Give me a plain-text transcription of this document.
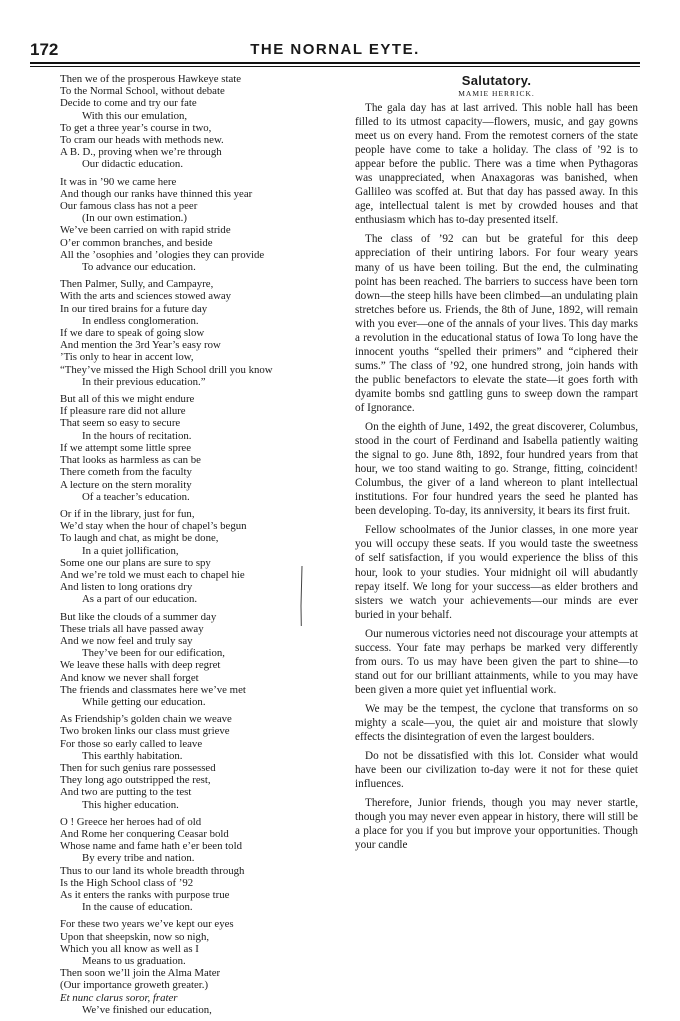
172	THE NORNAL EYTE.
Then we of the prosperous Hawkeye state
To the Normal School, without debate
Decide to come and try our fate
With this our emulation,
To get a three year’s course in two,
To cram our heads with methods new.
A B. D., proving when we’re through
Our didactic education.
It was in ’90 we came here
And though our ranks have thinned this year
Our famous class has not a peer
(In our own estimation.)
We’ve been carried on with rapid stride
O’er common branches, and beside
All the ’osophies and ’ologies they can provide
To advance our education.
Then Palmer, Sully, and Campayre,
With the arts and sciences stowed away
In our tired brains for a future day
In endless conglomeration.
If we dare to speak of going slow
And mention the 3rd Year’s easy row
’Tis only to hear in accent low,
“They’ve missed the High School drill you know
In their previous education.”
But all of this we might endure
If pleasure rare did not allure
That seem so easy to secure
In the hours of recitation.
If we attempt some little spree
That looks as harmless as can be
There cometh from the faculty
A lecture on the stern morality
Of a teacher’s education.
Or if in the library, just for fun,
We’d stay when the hour of chapel’s begun
To laugh and chat, as might be done,
In a quiet jollification,
Some one our plans are sure to spy
And we’re told we must each to chapel hie
And listen to long orations dry
As a part of our education.
But like the clouds of a summer day
These trials all have passed away
And we now feel and truly say
They’ve been for our edification,
We leave these halls with deep regret
And know we never shall forget
The friends and classmates here we’ve met
While getting our education.
As Friendship’s golden chain we weave
Two broken links our class must grieve
For those so early called to leave
This earthly habitation.
Then for such genius rare possessed
They long ago outstripped the rest,
And two are putting to the test
This higher education.
O ! Greece her heroes had of old
And Rome her conquering Ceasar bold
Whose name and fame hath e’er been told
By every tribe and nation.
Thus to our land its whole breadth through
Is the High School class of ’92
As it enters the ranks with purpose true
In the cause of education.
For these two years we’ve kept our eyes
Upon that sheepskin, now so nigh,
Which you all know as well as I
Means to us graduation.
Then soon we’ll join the Alma Mater
(Our importance groweth greater.)
Et nunc clarus soror, frater
We’ve finished our education,
Salutatory.
MAMIE HERRICK.

The gala day has at last arrived. This noble hall has been filled to its utmost capacity—flowers, music, and gay gowns meet us on every hand. From the remotest corners of the state people have come to take a holiday. The class of ’92 is to appear before the public. There was a time when Pythagoras was unappreciated, when Anaxagoras was banished, when Gallileo was scoffed at. But that day has passed away. In this age, intellectual talent is met by crowded houses and that enthusiasm which has to-day presented itself.

The class of ’92 can but be grateful for this deep appreciation of their untiring labors. For four weary years many of us have been toiling. But the end, the culminating point has been reached. The barriers to success have been torn down—the steep hills have been climbed—an undulating plain stretches before us. Friends, the 8th of June, 1892, will remain with you ever—one of the annals of your lives. This day marks a revolution in the educational status of Iowa To long have the innocent youths “spelled their primers” and “ciphered their sums.” The class of ’92, one hundred strong, join hands with the public benefactors to elevate the state—it goes forth with dyamite bombs snd gattling guns to sweep down the rampart of Ignorance.

On the eighth of June, 1492, the great discoverer, Columbus, stood in the court of Ferdinand and Isabella patiently waiting the signal to go. June 8th, 1892, four hundred years from that hour, we too stand waiting to go. Strange, fitting, coincident! Columbus, the giver of a land whereon to plant intellectual institutions. For four hundred years the seed he planted has been developing. To-day, its anniversity, it bears its first fruit.

Fellow schoolmates of the Junior classes, in one more year you will occupy these seats. If you would taste the sweetness of self satisfaction, if you would experience the bliss of this hour, look to your studies. Your midnight oil will abudantly repay itself. We long for your success—as elder brothers and sisters we watch your achievements—our minds are ever buried in your behalf.

Our numerous victories need not discourage your attempts at success. Your fate may perhaps be marked very differently from ours. To us may have been given the part to shine—to stand out for our brilliant attainments, while to you may have been given a more quiet yet influential work.

We may be the tempest, the cyclone that transforms on so mighty a scale—you, the quiet air and moisture that slowly effects the disintegration of even the largest boulders.

Do not be dissatisfied with this lot. Consider what would have been our civilization to-day were it not for these quiet influences.

Therefore, Junior friends, though you may never startle, though you may never even appear in history, there will still be a place for you if you but improve your opportunities. Though your candle
